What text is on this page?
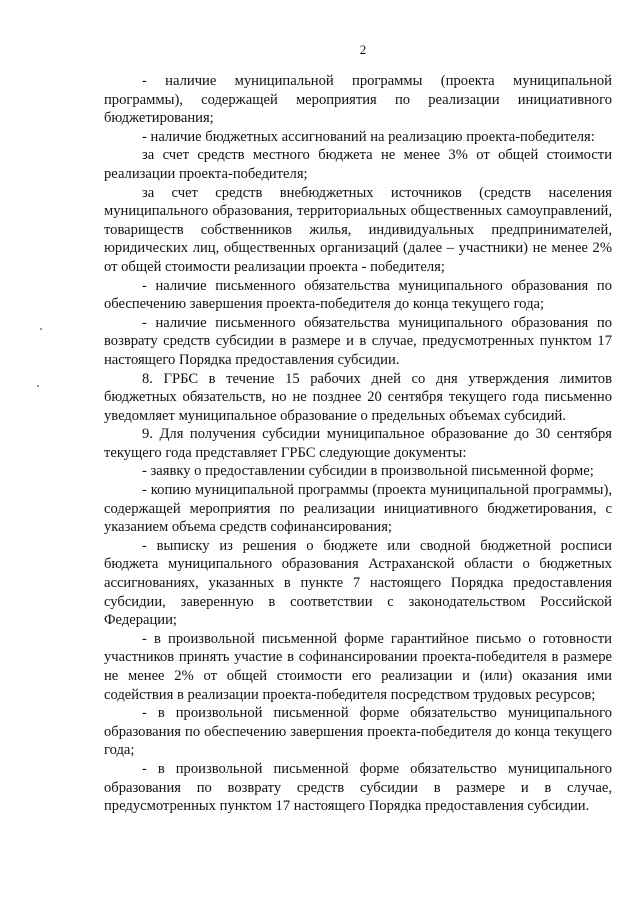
2

- наличие муниципальной программы (проекта муниципальной программы), содержащей мероприятия по реализации инициативного бюджетирования;

- наличие бюджетных ассигнований на реализацию проекта-победителя:

за счет средств местного бюджета не менее 3% от общей стоимости реализации проекта-победителя;

за счет средств внебюджетных источников (средств населения муниципального образования, территориальных общественных самоуправлений, товариществ собственников жилья, индивидуальных предпринимателей, юридических лиц, общественных организаций (далее – участники) не менее 2% от общей стоимости реализации проекта - победителя;

- наличие письменного обязательства муниципального образования по обеспечению завершения проекта-победителя до конца текущего года;

- наличие письменного обязательства муниципального образования по возврату средств субсидии в размере и в случае, предусмотренных пунктом 17 настоящего Порядка предоставления субсидии.

8. ГРБС в течение 15 рабочих дней со дня утверждения лимитов бюджетных обязательств, но не позднее 20 сентября текущего года письменно уведомляет муниципальное образование о предельных объемах субсидий.

9. Для получения субсидии муниципальное образование до 30 сентября текущего года представляет ГРБС следующие документы:

- заявку о предоставлении субсидии в произвольной письменной форме;

- копию муниципальной программы (проекта муниципальной программы), содержащей мероприятия по реализации инициативного бюджетирования, с указанием объема средств софинансирования;

- выписку из решения о бюджете или сводной бюджетной росписи бюджета муниципального образования Астраханской области о бюджетных ассигнованиях, указанных в пункте 7 настоящего Порядка предоставления субсидии, заверенную в соответствии с законодательством Российской Федерации;

- в произвольной письменной форме гарантийное письмо о готовности участников принять участие в софинансировании проекта-победителя в размере не менее 2% от общей стоимости его реализации и (или) оказания ими содействия в реализации проекта-победителя посредством трудовых ресурсов;

- в произвольной письменной форме обязательство муниципального образования по обеспечению завершения проекта-победителя до конца текущего года;

- в произвольной письменной форме обязательство муниципального образования по возврату средств субсидии в размере и в случае, предусмотренных пунктом 17 настоящего Порядка предоставления субсидии.
